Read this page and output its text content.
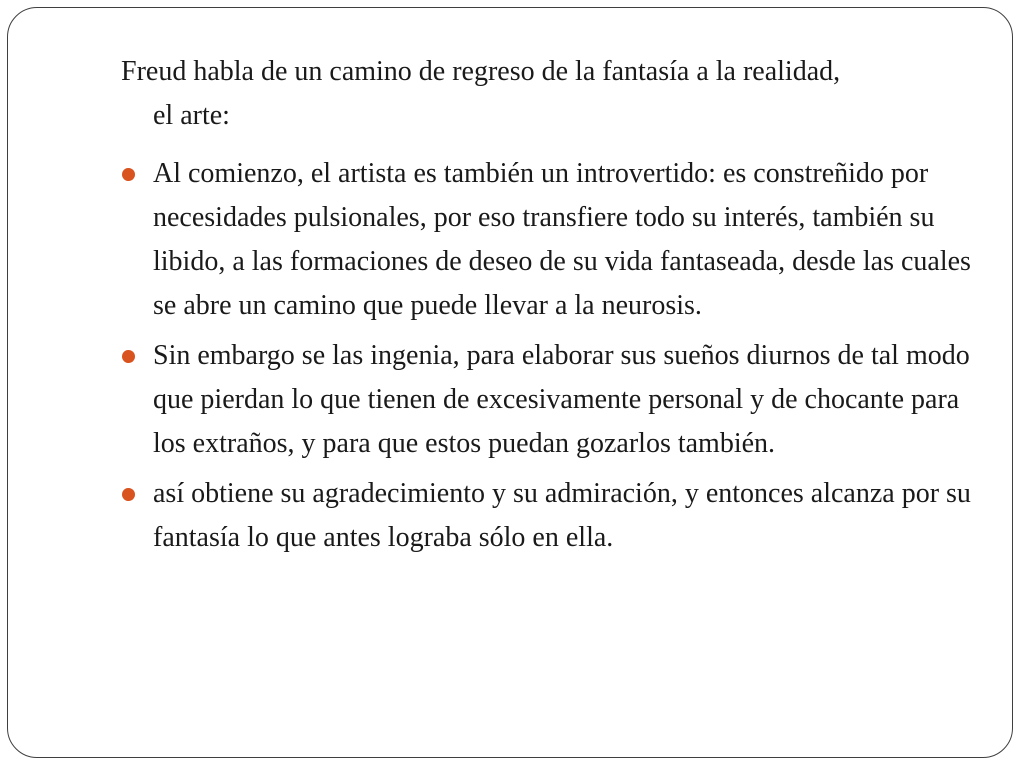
Freud habla de un camino de regreso de la fantasía a la realidad,
el arte:

Al comienzo, el artista es también un introvertido: es constreñido por necesidades pulsionales, por eso transfiere todo su interés, también su libido, a las formaciones de deseo de su vida fantaseada, desde las cuales se abre un camino que puede llevar a la neurosis.
Sin embargo se las ingenia, para elaborar sus sueños diurnos de tal modo que pierdan lo que tienen de excesivamente personal y de chocante para los extraños, y para que estos puedan gozarlos también.
así obtiene su agradecimiento y su admiración, y entonces alcanza por su fantasía lo que antes lograba sólo en ella.
